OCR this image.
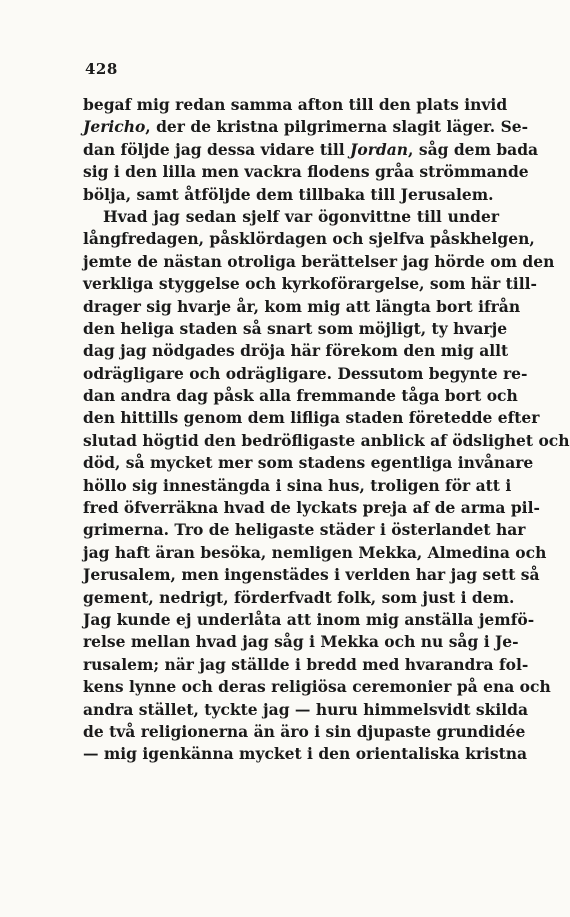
428
begaf mig redan samma afton till den plats invid
Jericho, der de kristna pilgrimerna slagit läger. Se-
dan följde jag dessa vidare till Jordan, såg dem bada
sig i den lilla men vackra flodens gråa strömmande
bölja, samt åtföljde dem tillbaka till Jerusalem.
Hvad jag sedan sjelf var ögonvittne till under
långfredagen, påsklördagen och sjelfva påskhelgen,
jemte de nästan otroliga berättelser jag hörde om den
verkliga styggelse och kyrkoförargelse, som här till-
drager sig hvarje år, kom mig att längta bort ifrån
den heliga staden så snart som möjligt, ty hvarje
dag jag nödgades dröja här förekom den mig allt
odrägligare och odrägligare. Dessutom begynte re-
dan andra dag påsk alla fremmande tåga bort och
den hittills genom dem lifliga staden företedde efter
slutad högtid den bedröfligaste anblick af ödslighet och
död, så mycket mer som stadens egentliga invånare
höllo sig innestängda i sina hus, troligen för att i
fred öfverräkna hvad de lyckats preja af de arma pil-
grimerna. Tro de heligaste städer i österlandet har
jag haft äran besöka, nemligen Mekka, Almedina och
Jerusalem, men ingenstädes i verlden har jag sett så
gement, nedrigt, förderfvadt folk, som just i dem.
Jag kunde ej underlåta att inom mig anställa jemfö-
relse mellan hvad jag såg i Mekka och nu såg i Je-
rusalem; när jag ställde i bredd med hvarandra fol-
kens lynne och deras religiösa ceremonier på ena och
andra stället, tyckte jag — huru himmelsvidt skilda
de två religionerna än äro i sin djupaste grundidée
— mig igenkänna mycket i den orientaliska kristna
